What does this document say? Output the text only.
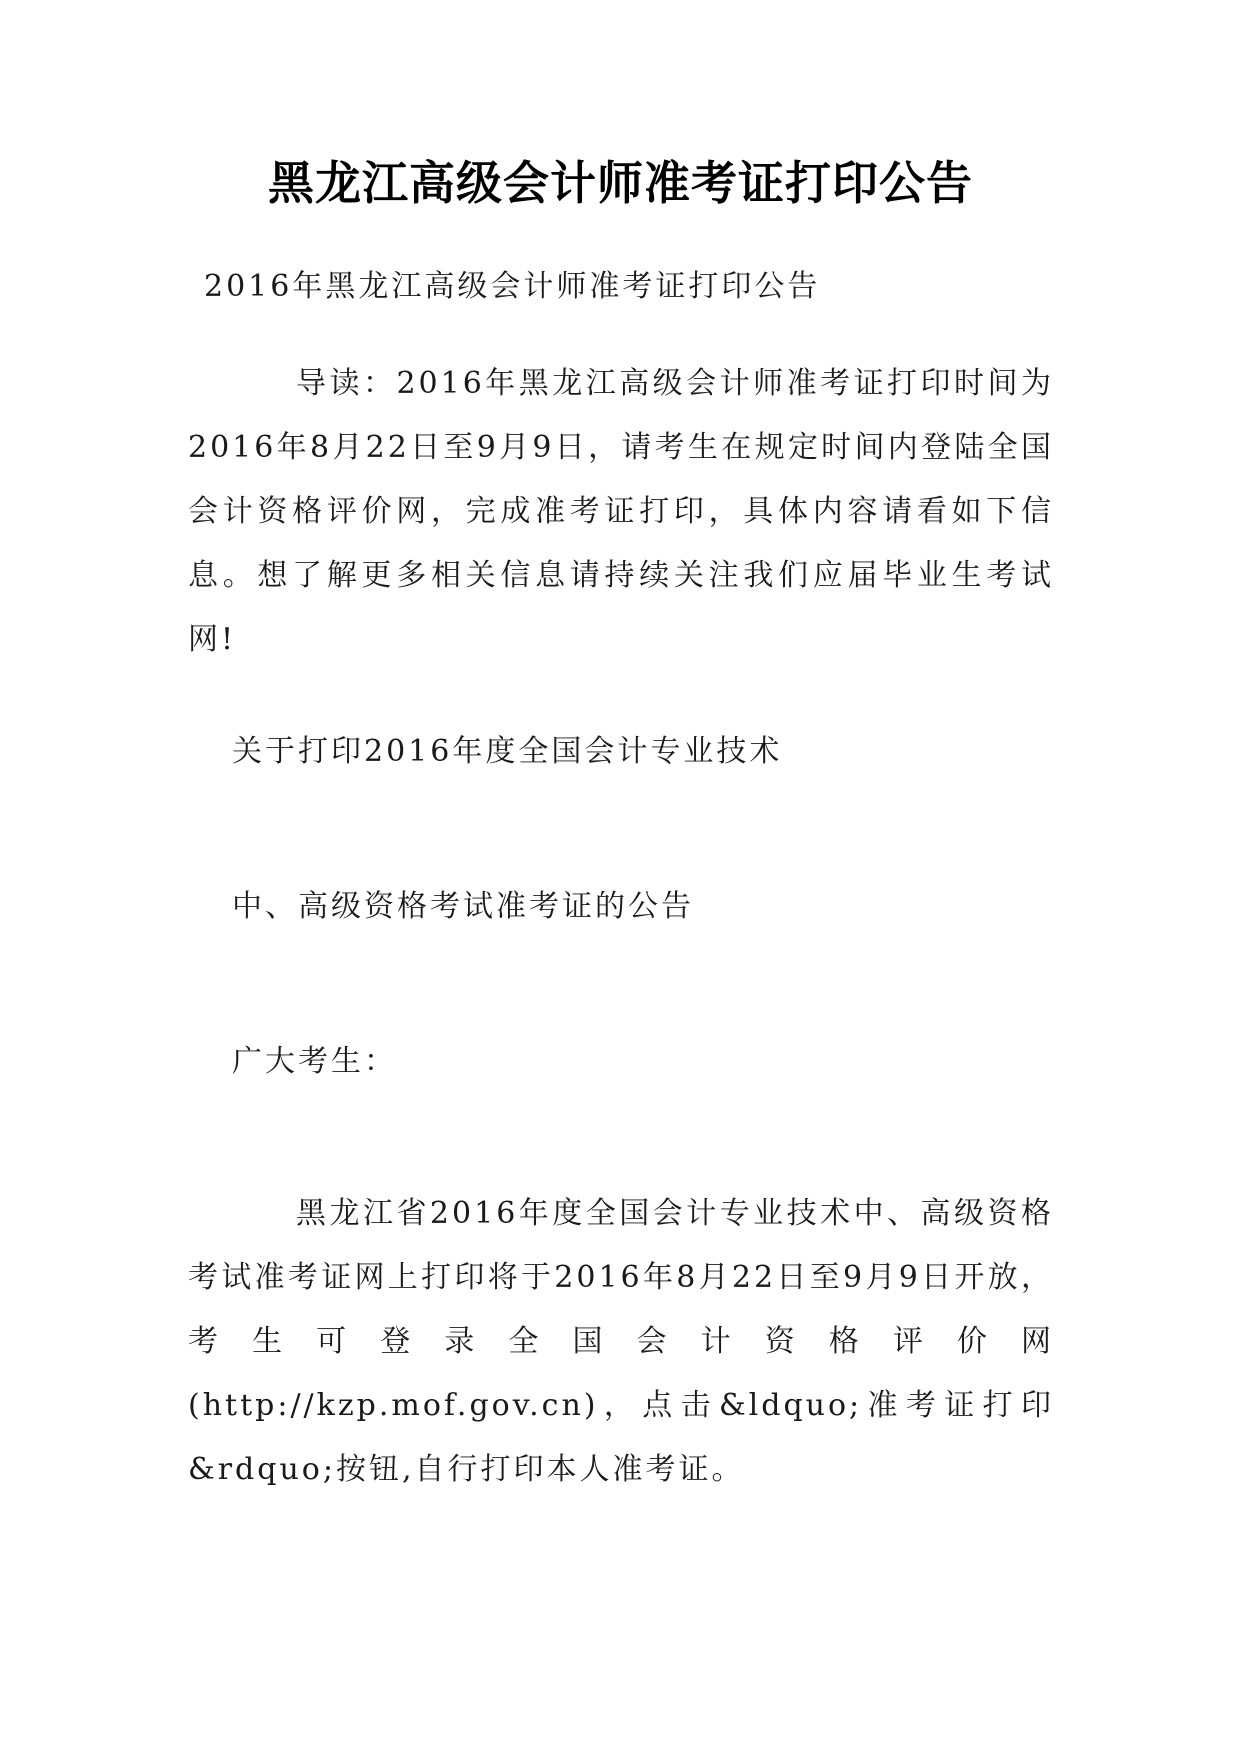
黑龙江高级会计师准考证打印公告
2016年黑龙江高级会计师准考证打印公告
导读：2016年黑龙江高级会计师准考证打印时间为2016年8月22日至9月9日，请考生在规定时间内登陆全国会计资格评价网，完成准考证打印，具体内容请看如下信息。想了解更多相关信息请持续关注我们应届毕业生考试网!
关于打印2016年度全国会计专业技术
中、高级资格考试准考证的公告
广大考生：
黑龙江省2016年度全国会计专业技术中、高级资格考试准考证网上打印将于2016年8月22日至9月9日开放，考生可登录全国会计资格评价网(http://kzp.mof.gov.cn)，点击&ldquo;准考证打印&rdquo;按钮,自行打印本人准考证。
